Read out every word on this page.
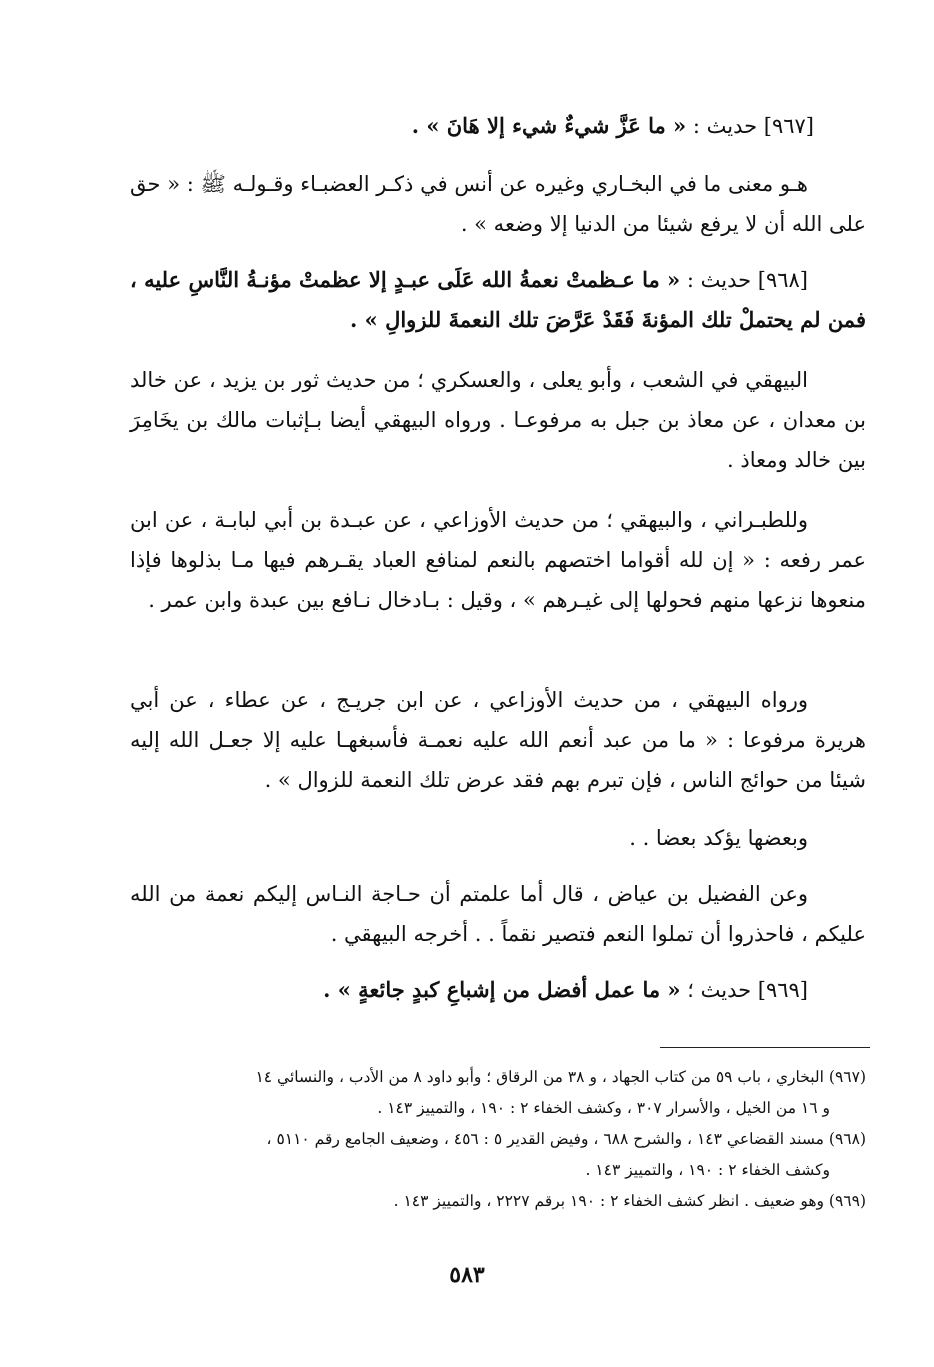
[٩٦٧] حديث : « ما عَزَّ شيءٌ شيء إلا هَانَ » .

هـو معنى ما في البخـاري وغيره عن أنس في ذكـر العضبـاء وقـولـه ﷺ : « حق على الله أن لا يرفع شيئا من الدنيا إلا وضعه » .

[٩٦٨] حديث : « ما عـظمتْ نعمةُ الله عَلَى عبـدٍ إلا عظمتْ مؤنـةُ النَّاسِ عليه ، فمن لم يحتملْ تلك المؤنةَ فَقَدْ عَرَّضَ تلك النعمةَ للزوالِ » .

البيهقي في الشعب ، وأبو يعلى ، والعسكري ؛ من حديث ثور بن يزيد ، عن خالد بن معدان ، عن معاذ بن جبل به مرفوعـا . ورواه البيهقي أيضا بـإثبات مالك بن يخَامِرَ بين خالد ومعاذ .

وللطبـراني ، والبيهقي ؛ من حديث الأوزاعي ، عن عبـدة بن أبي لبابـة ، عن ابن عمر رفعه : « إن لله أقواما اختصهم بالنعم لمنافع العباد يقـرهم فيها مـا بذلوها فإذا منعوها نزعها منهم فحولها إلى غيـرهم » ، وقيل : بـادخال نـافع بين عبدة وابن عمر .

ورواه البيهقي ، من حديث الأوزاعي ، عن ابن جريـج ، عن عطاء ، عن أبي هريرة مرفوعا : « ما من عبد أنعم الله عليه نعمـة فأسبغهـا عليه إلا جعـل الله إليه شيئا من حوائج الناس ، فإن تبرم بهم فقد عرض تلك النعمة للزوال » .

وبعضها يؤكد بعضا . .

وعن الفضيل بن عياض ، قال أما علمتم أن حـاجة النـاس إليكم نعمة من الله عليكم ، فاحذروا أن تملوا النعم فتصير نقماً . . أخرجه البيهقي .

[٩٦٩] حديث ؛ « ما عمل أفضل من إشباعِ كبدٍ جائعةٍ » .

(٩٦٧) البخاري ، باب ٥٩ من كتاب الجهاد ، و ٣٨ من الرقاق ؛ وأبو داود ٨ من الأدب ، والنسائي ١٤

و ١٦ من الخيل ، والأسرار ٣٠٧ ، وكشف الخفاء ٢ : ١٩٠ ، والتمييز ١٤٣ .

(٩٦٨) مسند القضاعي ١٤٣ ، والشرح ٦٨٨ ، وفيض القدير ٥ : ٤٥٦ ، وضعيف الجامع رقم ٥١١٠ ،

وكشف الخفاء ٢ : ١٩٠ ، والتمييز ١٤٣ .

(٩٦٩) وهو ضعيف . انظر كشف الخفاء ٢ : ١٩٠ برقم ٢٢٢٧ ، والتمييز ١٤٣ .

٥٨٣
